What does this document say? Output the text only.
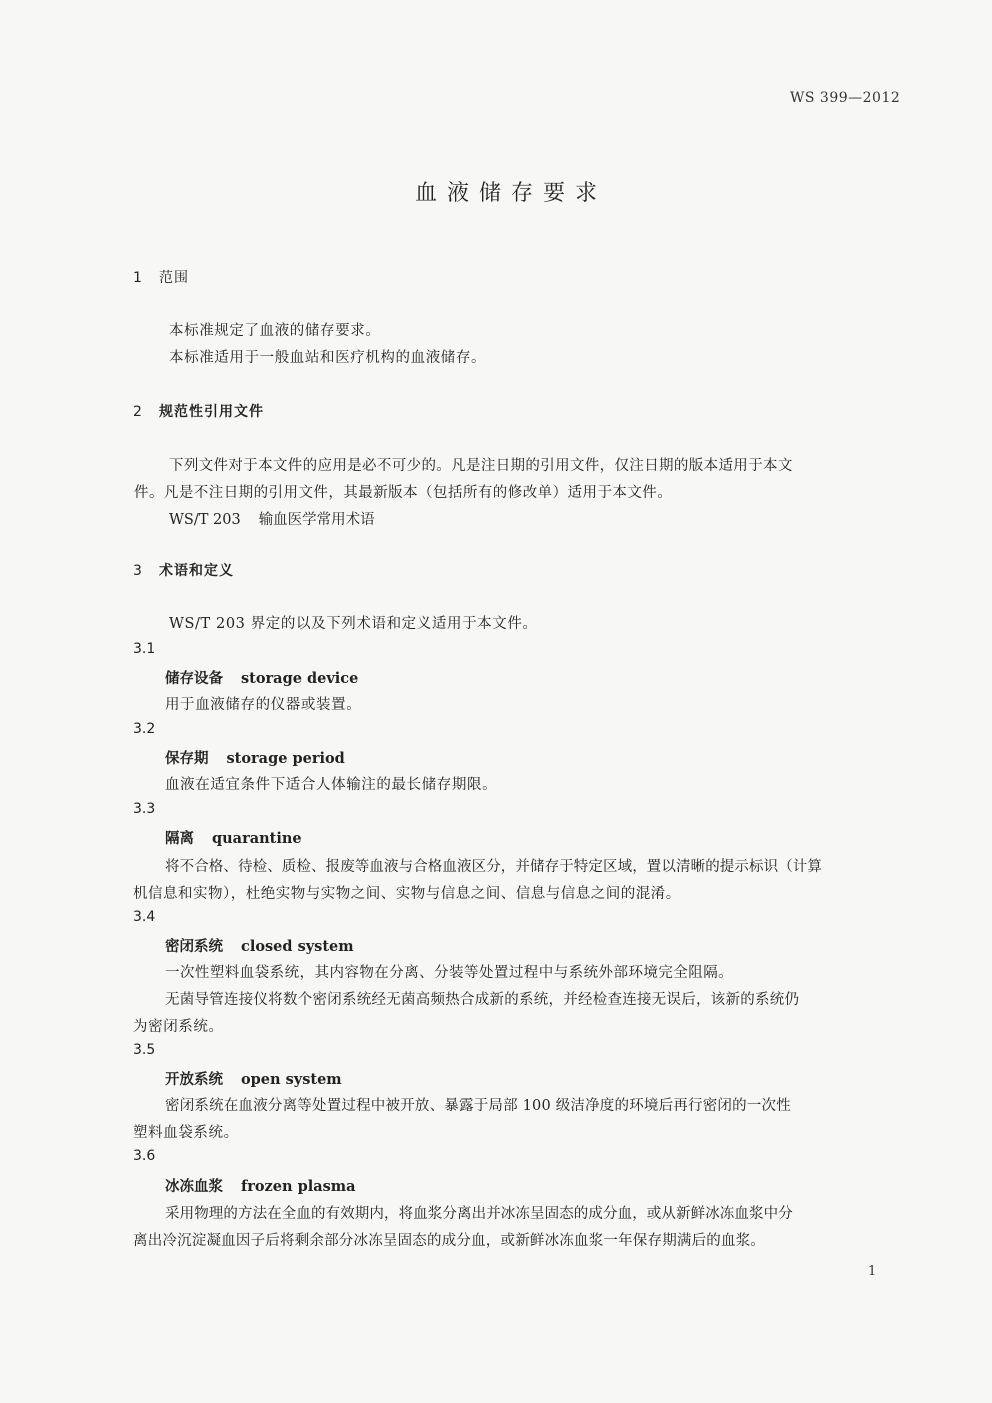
WS 399—2012
血液储存要求
1 范围
本标准规定了血液的储存要求。
本标准适用于一般血站和医疗机构的血液储存。
2 规范性引用文件
下列文件对于本文件的应用是必不可少的。凡是注日期的引用文件，仅注日期的版本适用于本文
件。凡是不注日期的引用文件，其最新版本（包括所有的修改单）适用于本文件。
WS/T 203 输血医学常用术语
3 术语和定义
WS/T 203 界定的以及下列术语和定义适用于本文件。
3.1
储存设备 storage device
用于血液储存的仪器或装置。
3.2
保存期 storage period
血液在适宜条件下适合人体输注的最长储存期限。
3.3
隔离 quarantine
将不合格、待检、质检、报废等血液与合格血液区分，并储存于特定区域，置以清晰的提示标识（计算
机信息和实物），杜绝实物与实物之间、实物与信息之间、信息与信息之间的混淆。
3.4
密闭系统 closed system
一次性塑料血袋系统，其内容物在分离、分装等处置过程中与系统外部环境完全阻隔。
无菌导管连接仪将数个密闭系统经无菌高频热合成新的系统，并经检查连接无误后，该新的系统仍
为密闭系统。
3.5
开放系统 open system
密闭系统在血液分离等处置过程中被开放、暴露于局部 100 级洁净度的环境后再行密闭的一次性
塑料血袋系统。
3.6
冰冻血浆 frozen plasma
采用物理的方法在全血的有效期内，将血浆分离出并冰冻呈固态的成分血，或从新鲜冰冻血浆中分
离出冷沉淀凝血因子后将剩余部分冰冻呈固态的成分血，或新鲜冰冻血浆一年保存期满后的血浆。
1
